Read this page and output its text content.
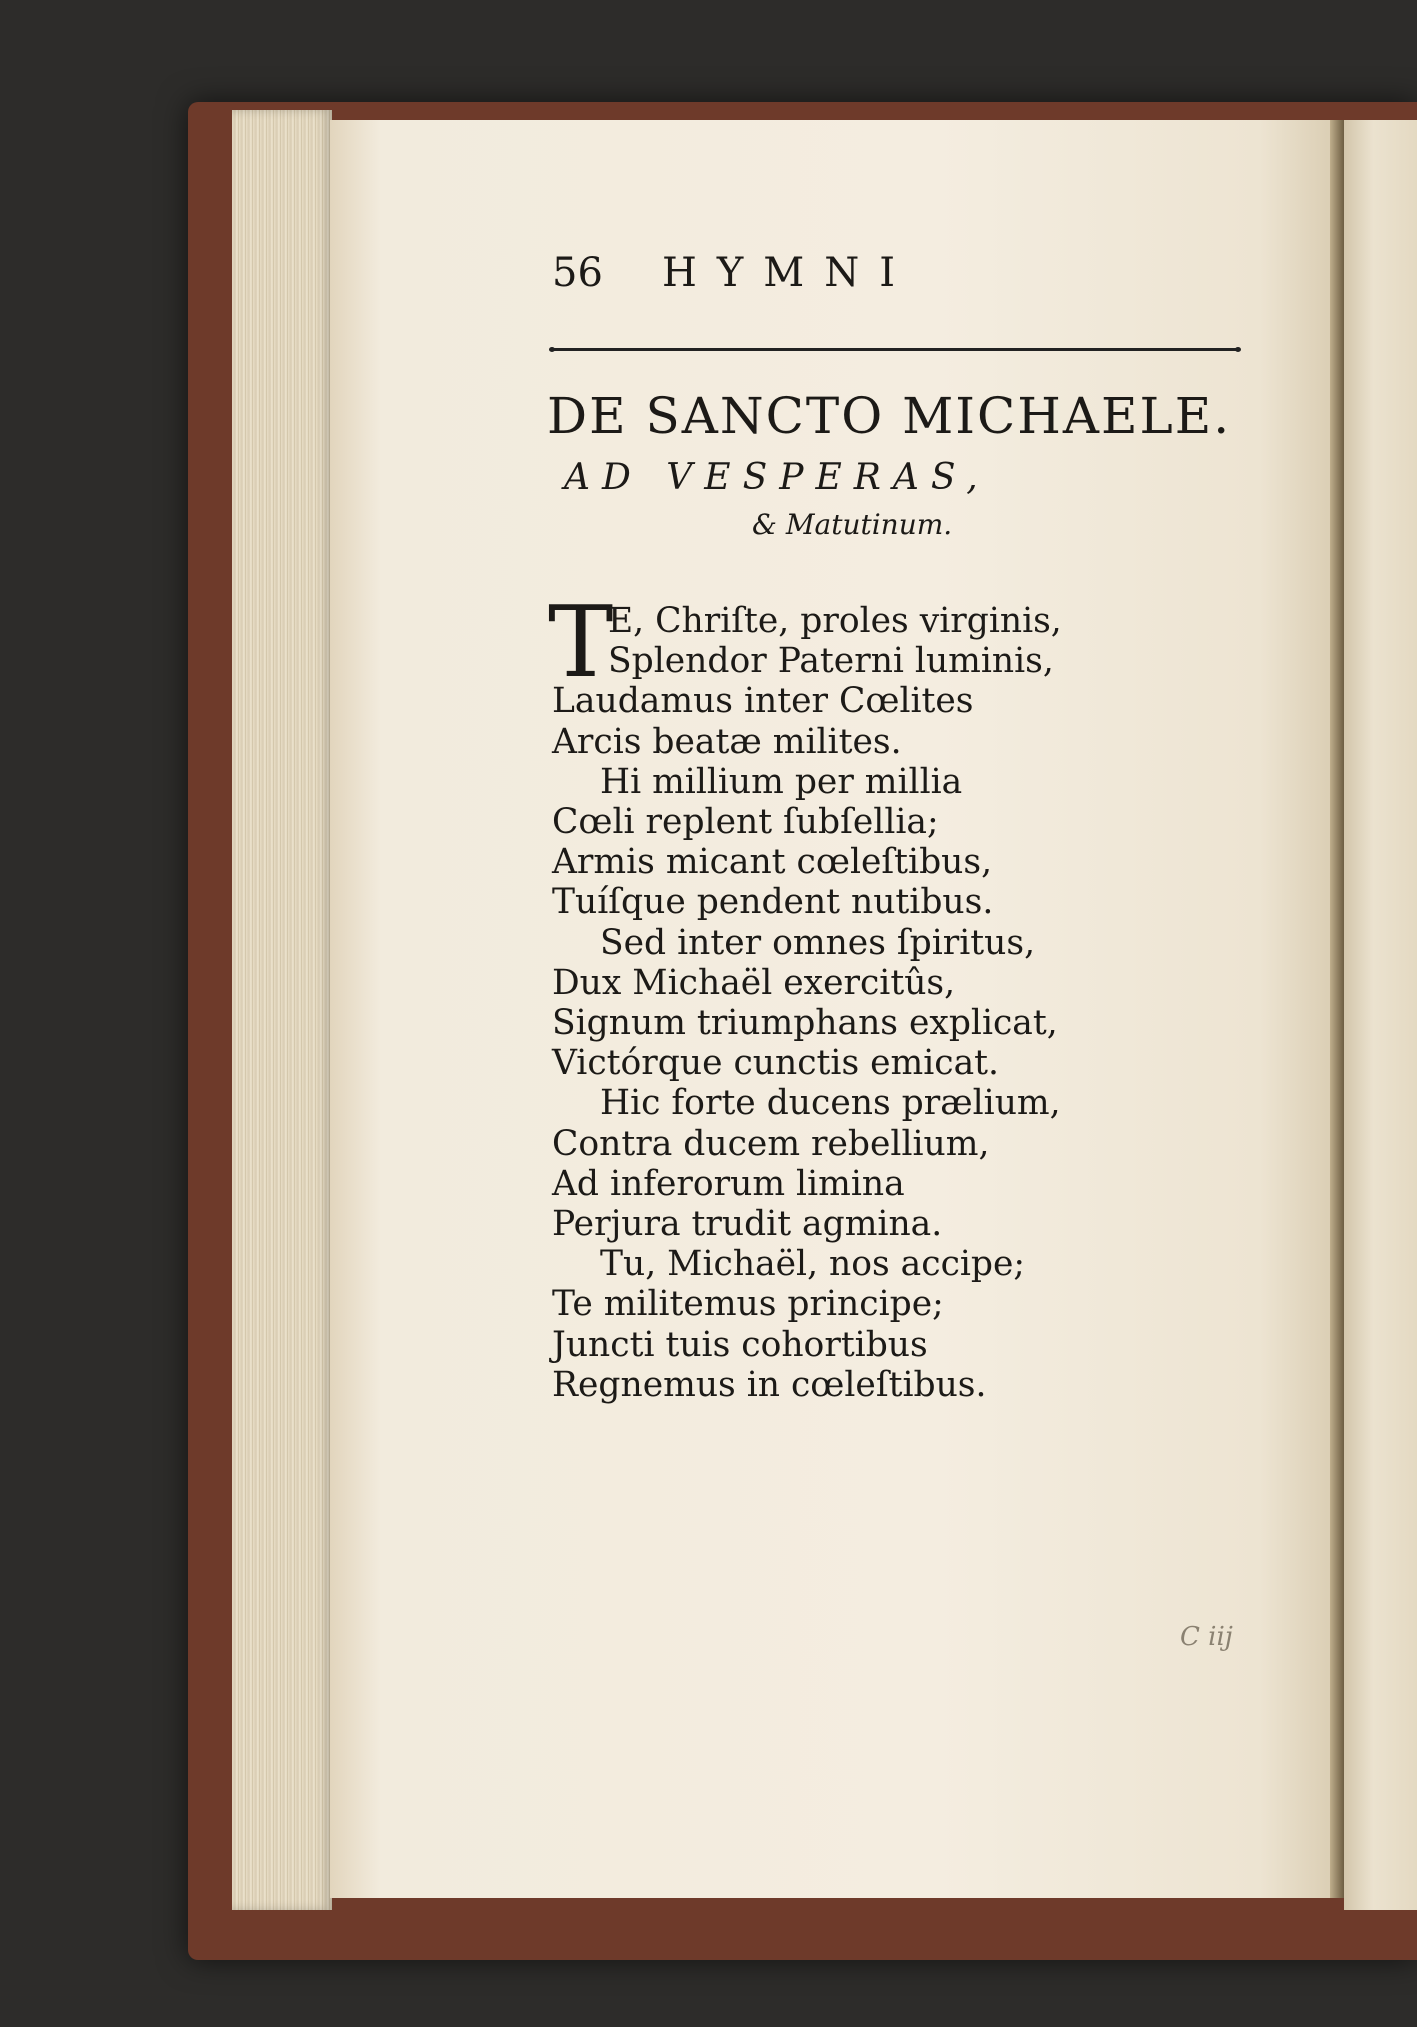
56	HYMNI
DE SANCTO MICHAELE.
AD VESPERAS,
& Matutinum.
T
E, Chriſte, proles virginis,
Splendor Paterni luminis,
Laudamus inter Cœlites
Arcis beatæ milites.
Hi millium per millia
Cœli replent ſubſellia;
Armis micant cœleſtibus,
Tuíſque pendent nutibus.
Sed inter omnes ſpiritus,
Dux Michaël exercitûs,
Signum triumphans explicat,
Victórque cunctis emicat.
Hic forte ducens prælium,
Contra ducem rebellium,
Ad inferorum limina
Perjura trudit agmina.
Tu, Michaël, nos accipe;
Te militemus principe;
Juncti tuis cohortibus
Regnemus in cœleſtibus.
C iij
